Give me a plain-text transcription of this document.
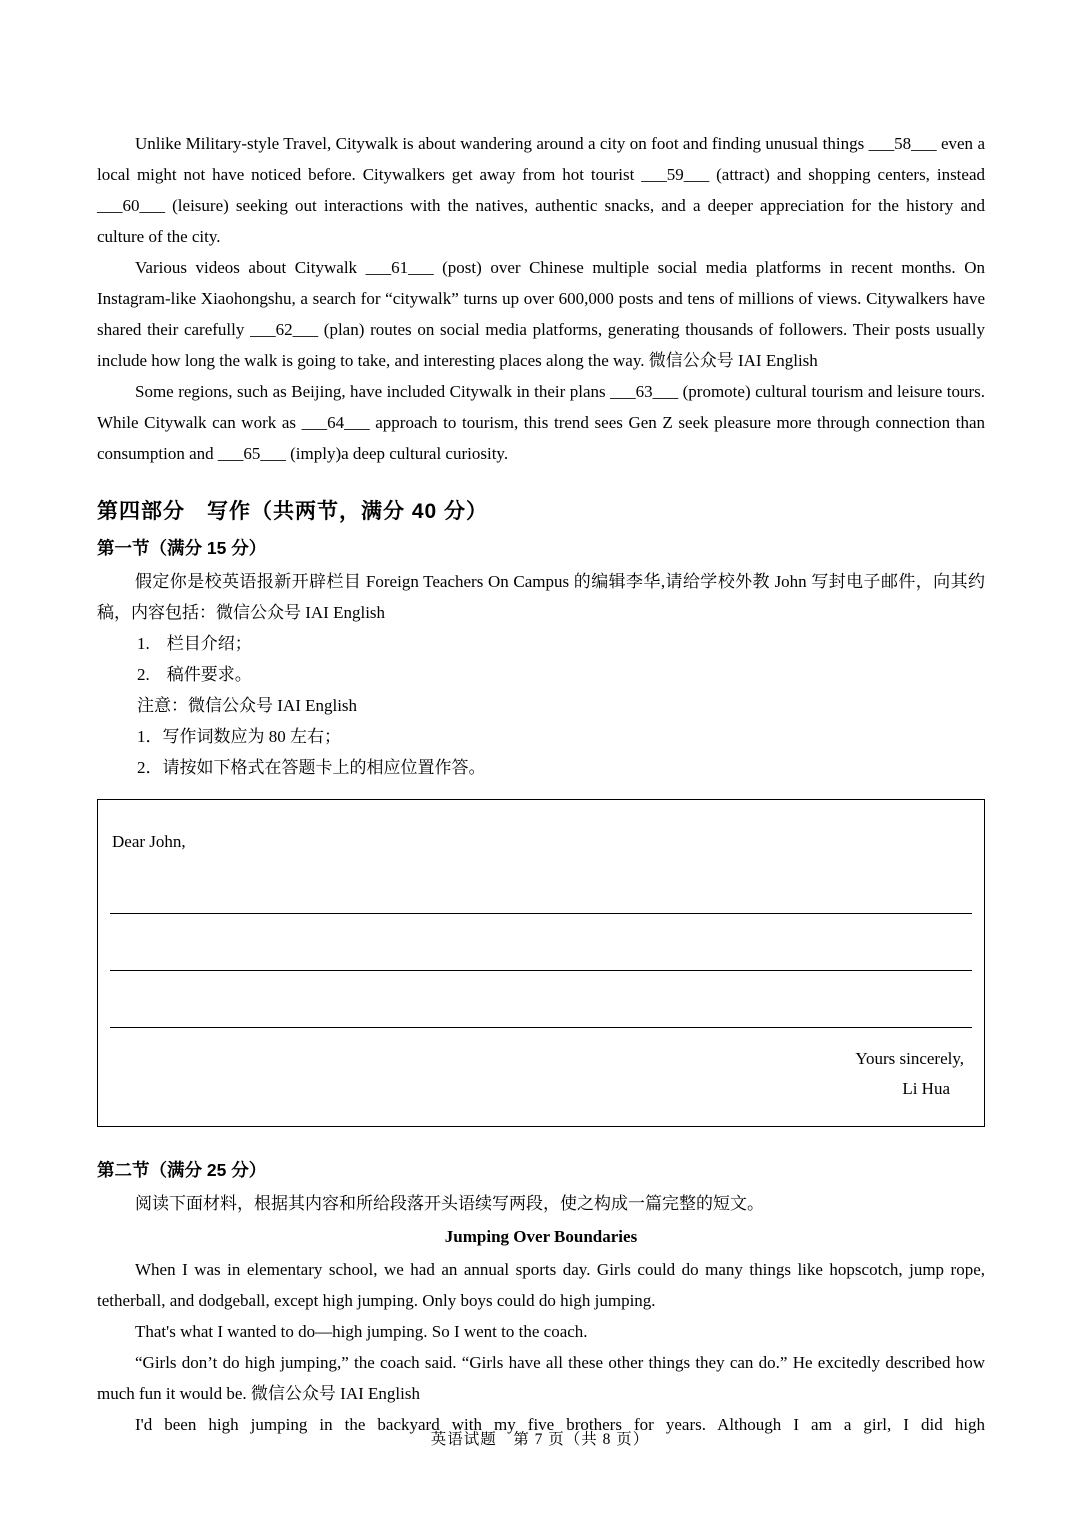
Unlike Military-style Travel, Citywalk is about wandering around a city on foot and finding unusual things ___58___ even a local might not have noticed before. Citywalkers get away from hot tourist ___59___ (attract) and shopping centers, instead ___60___ (leisure) seeking out interactions with the natives, authentic snacks, and a deeper appreciation for the history and culture of the city.

Various videos about Citywalk ___61___ (post) over Chinese multiple social media platforms in recent months. On Instagram-like Xiaohongshu, a search for “citywalk” turns up over 600,000 posts and tens of millions of views. Citywalkers have shared their carefully ___62___ (plan) routes on social media platforms, generating thousands of followers. Their posts usually include how long the walk is going to take, and interesting places along the way. 微信公众号 IAI English

Some regions, such as Beijing, have included Citywalk in their plans ___63___ (promote) cultural tourism and leisure tours. While Citywalk can work as ___64___ approach to tourism, this trend sees Gen Z seek pleasure more through connection than consumption and ___65___ (imply)a deep cultural curiosity.

第四部分　写作（共两节，满分 40 分）
第一节（满分 15 分）

假定你是校英语报新开辟栏目 Foreign Teachers On Campus 的编辑李华,请给学校外教 John 写封电子邮件，向其约稿，内容包括：微信公众号 IAI English

1.　栏目介绍；

2.　稿件要求。

注意：微信公众号 IAI English

1．写作词数应为 80 左右；

2．请按如下格式在答题卡上的相应位置作答。

Dear John,
Yours sincerely,
Li Hua
第二节（满分 25 分）

阅读下面材料，根据其内容和所给段落开头语续写两段，使之构成一篇完整的短文。

Jumping Over Boundaries

When I was in elementary school, we had an annual sports day. Girls could do many things like hopscotch, jump rope, tetherball, and dodgeball, except high jumping. Only boys could do high jumping.

That's what I wanted to do—high jumping. So I went to the coach.

“Girls don’t do high jumping,” the coach said. “Girls have all these other things they can do.” He excitedly described how much fun it would be. 微信公众号 IAI English

I'd been high jumping in the backyard with my five brothers for years. Although I am a girl, I did high

英语试题　第 7 页（共 8 页）
